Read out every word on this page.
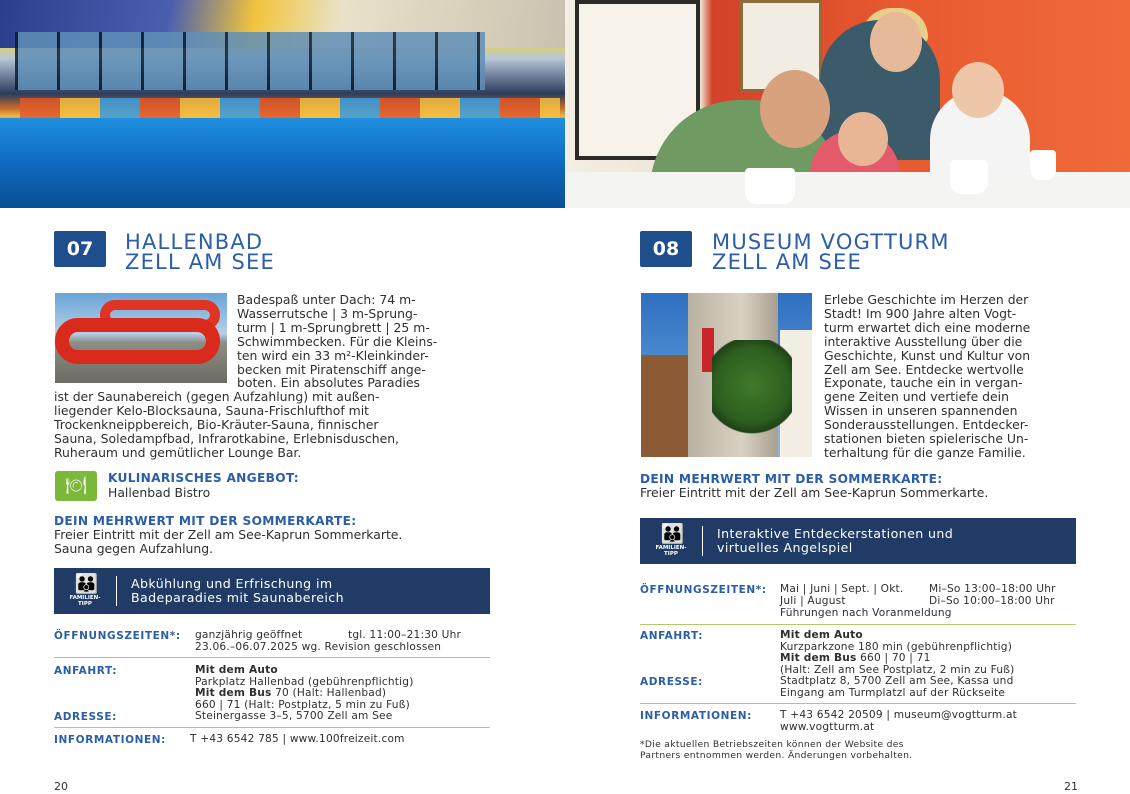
07	HALLENBAD
ZELL AM SEE
Badespaß unter Dach: 74 m-
Wasserrutsche | 3 m-Sprung-
turm | 1 m-Sprungbrett | 25 m-
Schwimmbecken. Für die Kleins-
ten wird ein 33 m²-Kleinkinder-
becken mit Piratenschiff ange-
boten. Ein absolutes Paradies
ist der Saunabereich (gegen Aufzahlung) mit außen-
liegender Kelo-Blocksauna, Sauna-Frischlufthof mit
Trockenkneippbereich, Bio-Kräuter-Sauna, finnischer
Sauna, Soledampfbad, Infrarotkabine, Erlebnisduschen,
Ruheraum und gemütlicher Lounge Bar.
🍽	KULINARISCHES ANGEBOT:
Hallenbad Bistro
DEIN MEHRWERT MIT DER SOMMERKARTE:
Freier Eintritt mit der Zell am See-Kaprun Sommerkarte.
Sauna gegen Aufzahlung.
👪
FAMILIEN-
TIPP
Abkühlung und Erfrischung im
Badeparadies mit Saunabereich
ÖFFNUNGSZEITEN*: ganzjährig geöffnet	tgl. 11:00–21:30 Uhr
23.06.–06.07.2025 wg. Revision geschlossen
ANFAHRT:	Mit dem Auto
Parkplatz Hallenbad (gebührenpflichtig)
Mit dem Bus 70 (Halt: Hallenbad)
660 | 71 (Halt: Postplatz, 5 min zu Fuß)
ADRESSE:	Steinergasse 3–5, 5700 Zell am See
INFORMATIONEN: T +43 6542 785 | www.100freizeit.com
20
08	MUSEUM VOGTTURM
ZELL AM SEE
Erlebe Geschichte im Herzen der
Stadt! Im 900 Jahre alten Vogt-
turm erwartet dich eine moderne
interaktive Ausstellung über die
Geschichte, Kunst und Kultur von
Zell am See. Entdecke wertvolle
Exponate, tauche ein in vergan-
gene Zeiten und vertiefe dein
Wissen in unseren spannenden
Sonderausstellungen. Entdecker-
stationen bieten spielerische Un-
terhaltung für die ganze Familie.
DEIN MEHRWERT MIT DER SOMMERKARTE:
Freier Eintritt mit der Zell am See-Kaprun Sommerkarte.
👪
FAMILIEN-
TIPP
Interaktive Entdeckerstationen und
virtuelles Angelspiel
ÖFFNUNGSZEITEN*: Mai | Juni | Sept. | Okt. Mi–So 13:00–18:00 Uhr
Juli | August	Di–So 10:00–18:00 Uhr
Führungen nach Voranmeldung
ANFAHRT:	Mit dem Auto
Kurzparkzone 180 min (gebührenpflichtig)
Mit dem Bus 660 | 70 | 71
(Halt: Zell am See Postplatz, 2 min zu Fuß)
ADRESSE:	Stadtplatz 8, 5700 Zell am See, Kassa und
Eingang am Turmplatzl auf der Rückseite
INFORMATIONEN:	T +43 6542 20509 | museum@vogtturm.at
www.vogtturm.at
*Die aktuellen Betriebszeiten können der Website des
Partners entnommen werden. Änderungen vorbehalten.
21
